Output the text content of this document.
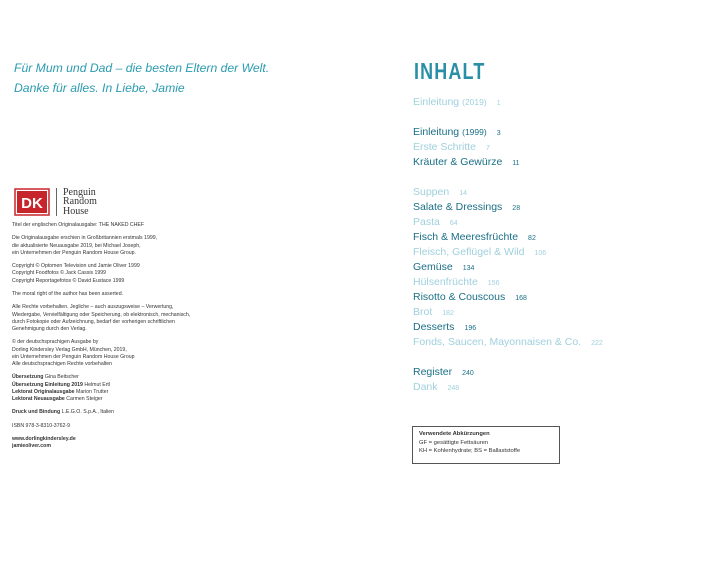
Für Mum und Dad – die besten Eltern der Welt.
Danke für alles. In Liebe, Jamie
DK
Penguin
Random
House

Titel der englischen Originalausgabe: THE NAKED CHEF

Die Originalausgabe erschien in Großbritannien erstmals 1999,
die aktualisierte Neuausgabe 2019, bei Michael Joseph,
ein Unternehmen der Penguin Random House Group.

Copyright © Optomen Television und Jamie Oliver 1999
Copyright Foodfotos © Jack Cassis 1999
Copyright Reportagefotos © David Eustace 1999

The moral right of the author has been asserted.

Alle Rechte vorbehalten. Jegliche – auch auszugsweise – Verwertung,
Wiedergabe, Vervielfältigung oder Speicherung, ob elektronisch, mechanisch,
durch Fotokopie oder Aufzeichnung, bedarf der vorherigen schriftlichen
Genehmigung durch den Verlag.

© der deutschsprachigen Ausgabe by
Dorling Kindersley Verlag GmbH, München, 2019,
ein Unternehmen der Penguin Random House Group
Alle deutschsprachigen Rechte vorbehalten

Übersetzung Gina Beitscher
Übersetzung Einleitung 2019 Helmut Ertl
Lektorat Originalausgabe Marion Trutter
Lektorat Neuausgabe Carmen Steiger

Druck und Bindung L.E.G.O. S.p.A., Italien

ISBN 978-3-8310-3762-9

www.dorlingkindersley.de
jamieoliver.com

INHALT
Einleitung (2019) 1
Einleitung (1999) 3
Erste Schritte 7
Kräuter & Gewürze 11
Suppen 14
Salate & Dressings 28
Pasta 64
Fisch & Meeresfrüchte 82
Fleisch, Geflügel & Wild 106
Gemüse 134
Hülsenfrüchte 156
Risotto & Couscous 168
Brot 182
Desserts 196
Fonds, Saucen, Mayonnaisen & Co. 222
Register 240
Dank 248
Verwendete Abkürzungen
GF = gesättigte Fettsäuren
KH = Kohlenhydrate; BS = Ballaststoffe
